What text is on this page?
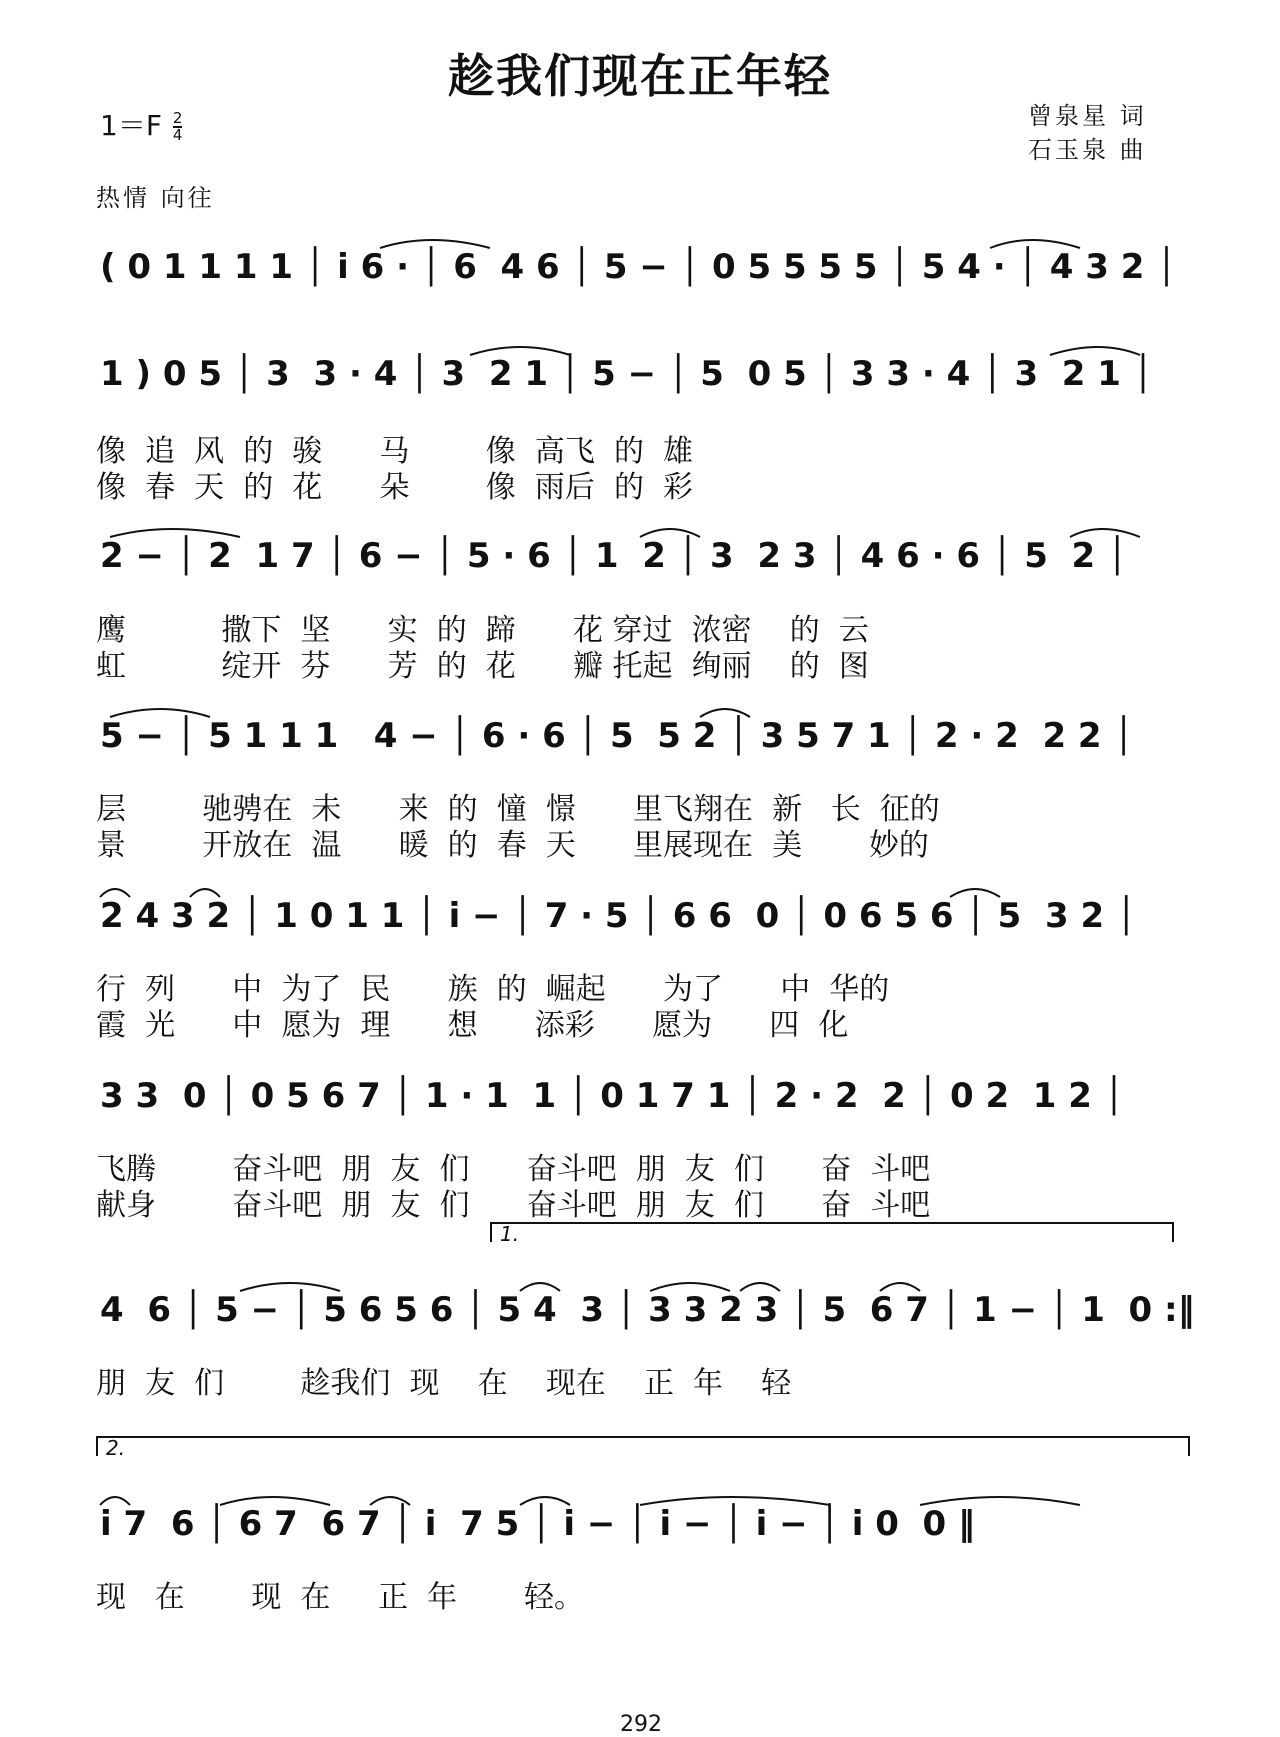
趁我们现在正年轻
$1=F \frac{2}{4}$	曾泉星 词
石玉泉 曲
热情 向往
( 0 1 1 1 1 │ i 6 · │ 6  4 6 │ 5 − │ 0 5 5 5 5 │ 5 4 · │ 4 3 2 │
1 ) 0 5 │ 3  3 · 4 │ 3  2 1 │ 5 − │ 5  0 5 │ 3 3 · 4 │ 3  2 1 │
2 − │ 2  1 7 │ 6 − │ 5 · 6 │ 1  2 │ 3  2 3 │ 4 6 · 6 │ 5  2 │
5 − │ 5 1 1 1   4 − │ 6 · 6 │ 5  5 2 │ 3 5 7 1 │ 2 · 2  2 2 │
2 4 3 2 │ 1 0 1 1 │ i − │ 7 · 5 │ 6 6  0 │ 0 6 5 6 │ 5  3 2 │
3 3  0 │ 0 5 6 7 │ 1 · 1  1 │ 0 1 7 1 │ 2 · 2  2 │ 0 2  1 2 │
4  6 │ 5 − │ 5 6 5 6 │ 5 4  3 │ 3 3 2 3 │ 5  6 7 │ 1 − │ 1  0 :‖
i 7  6 │ 6 7  6 7 │ i  7 5 │ i − │ i − │ i − │ i 0  0 ‖
像  追  风  的  骏      马        像  高飞  的  雄
像  春  天  的  花      朵        像  雨后  的  彩
鹰          撒下  坚      实  的  蹄      花 穿过  浓密    的  云
虹          绽开  芬      芳  的  花      瓣 托起  绚丽    的  图
层        驰骋在  未      来  的  憧  憬      里飞翔在  新   长  征的
景        开放在  温      暖  的  春  天      里展现在  美       妙的
行  列      中  为了  民      族  的  崛起      为了      中  华的
霞  光      中  愿为  理      想      添彩      愿为      四  化
飞腾        奋斗吧  朋  友  们      奋斗吧  朋  友  们      奋  斗吧
献身        奋斗吧  朋  友  们      奋斗吧  朋  友  们      奋  斗吧
朋  友  们        趁我们  现    在    现在    正  年    轻
现   在       现  在     正  年       轻。
1.
2.
292
